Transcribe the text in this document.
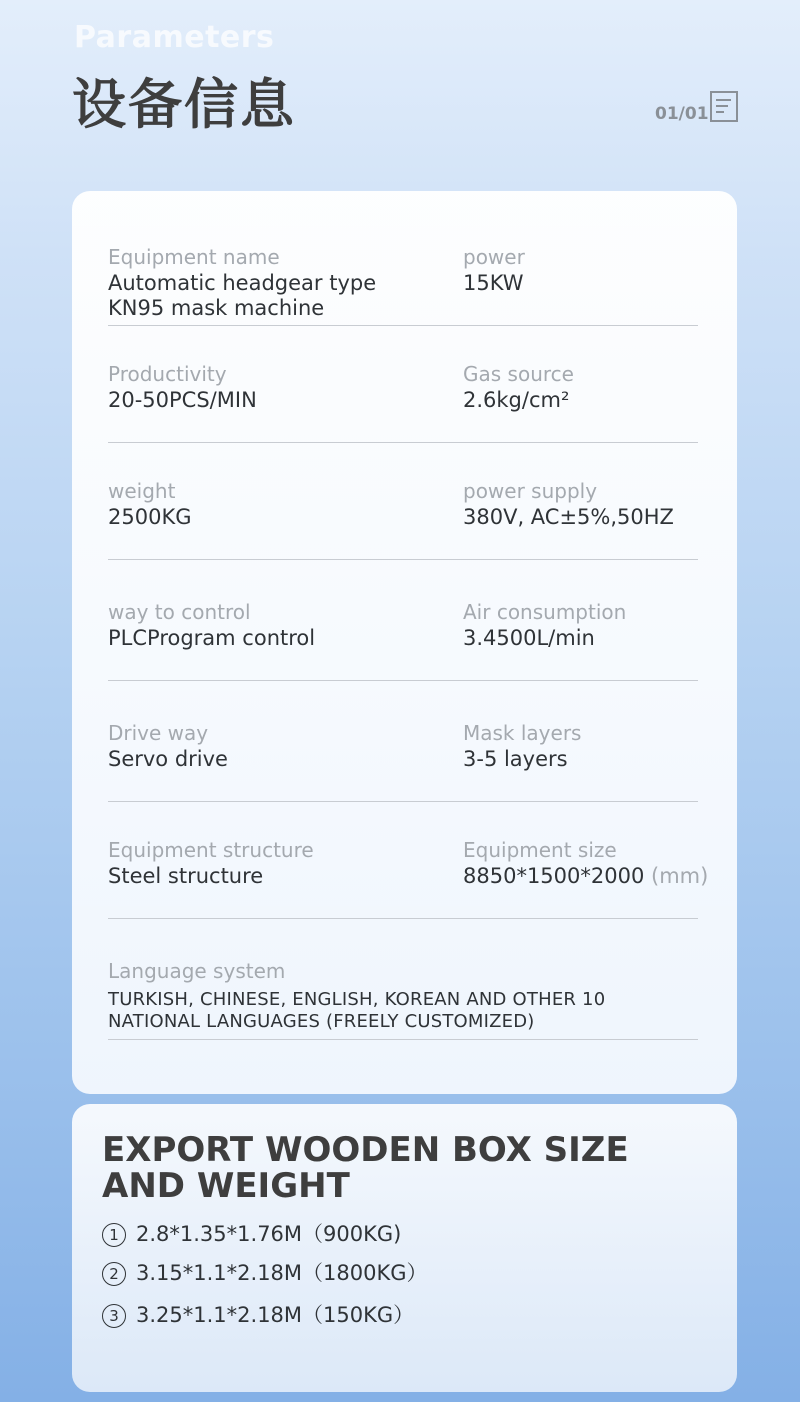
Parameters
设备信息	01/01
Equipment name
Automatic headgear type KN95 mask machine
power
15KW
Productivity
20-50PCS/MIN
Gas source
2.6kg/cm²
weight
2500KG
power supply
380V, AC±5%,50HZ
way to control
PLCProgram control
Air consumption
3.4500L/min
Drive way
Servo drive
Mask layers
3-5 layers
Equipment structure
Steel structure
Equipment size
8850*1500*2000 (mm)
Language system
TURKISH, CHINESE, ENGLISH, KOREAN AND OTHER 10 NATIONAL LANGUAGES (FREELY CUSTOMIZED)
EXPORT WOODEN BOX SIZE AND WEIGHT
1 2.8*1.35*1.76M（900KG)
2 3.15*1.1*2.18M（1800KG）
3 3.25*1.1*2.18M（150KG）
